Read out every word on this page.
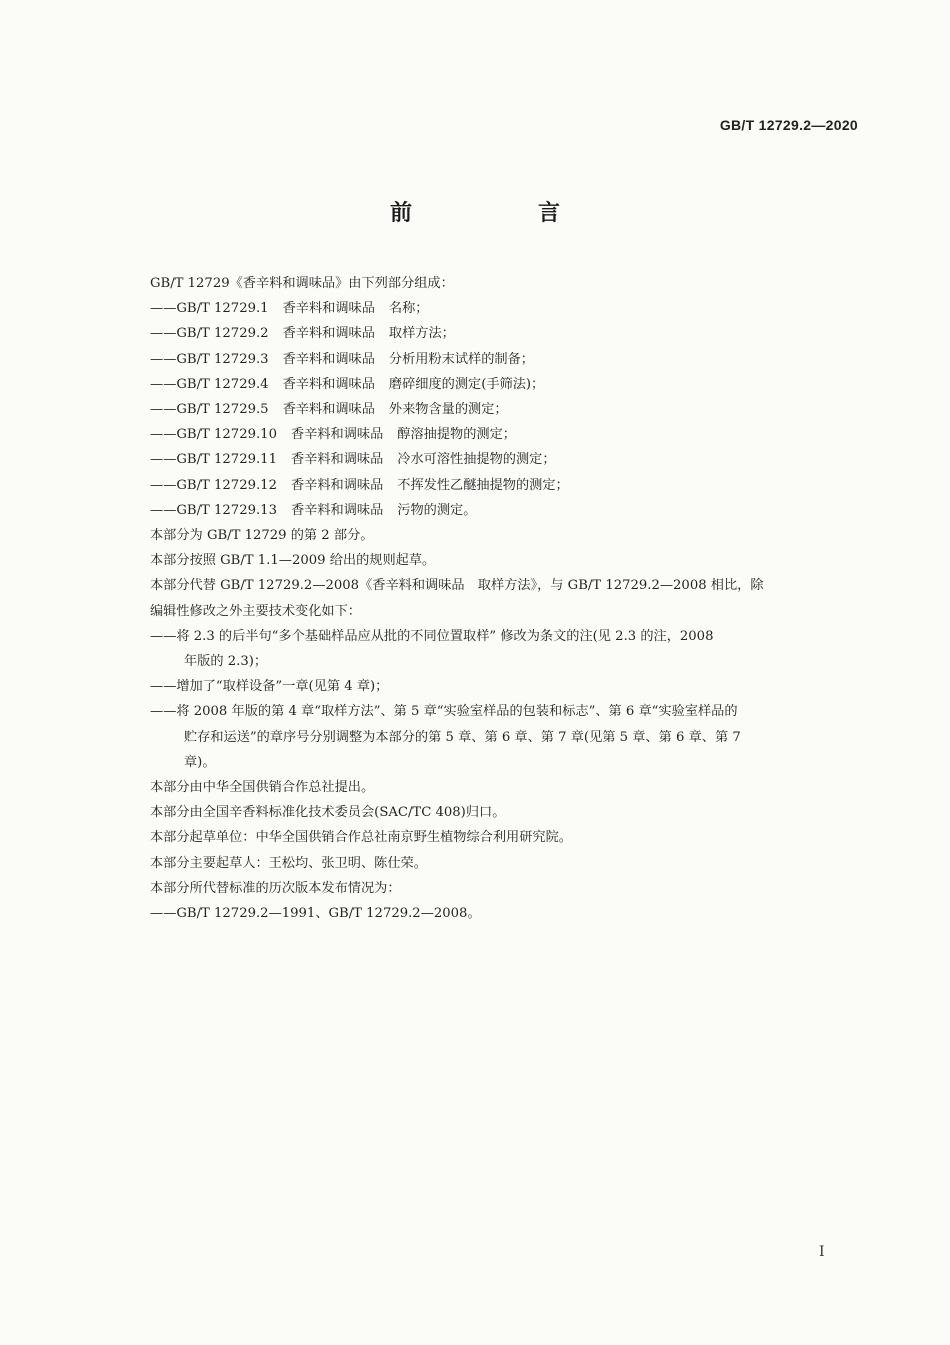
GB/T 12729.2—2020
前　言

GB/T 12729《香辛料和调味品》由下列部分组成：

——GB/T 12729.1 香辛料和调味品 名称；

——GB/T 12729.2 香辛料和调味品 取样方法；

——GB/T 12729.3 香辛料和调味品 分析用粉末试样的制备；

——GB/T 12729.4 香辛料和调味品 磨碎细度的测定(手筛法)；

——GB/T 12729.5 香辛料和调味品 外来物含量的测定；

——GB/T 12729.10 香辛料和调味品 醇溶抽提物的测定；

——GB/T 12729.11 香辛料和调味品 冷水可溶性抽提物的测定；

——GB/T 12729.12 香辛料和调味品 不挥发性乙醚抽提物的测定；

——GB/T 12729.13 香辛料和调味品 污物的测定。

本部分为 GB/T 12729 的第 2 部分。

本部分按照 GB/T 1.1—2009 给出的规则起草。

本部分代替 GB/T 12729.2—2008《香辛料和调味品　取样方法》，与 GB/T 12729.2—2008 相比，除

编辑性修改之外主要技术变化如下：

——将 2.3 的后半句“多个基础样品应从批的不同位置取样” 修改为条文的注(见 2.3 的注，2008

年版的 2.3)；

——增加了“取样设备”一章(见第 4 章)；

——将 2008 年版的第 4 章“取样方法”、第 5 章“实验室样品的包装和标志”、第 6 章“实验室样品的

贮存和运送”的章序号分别调整为本部分的第 5 章、第 6 章、第 7 章(见第 5 章、第 6 章、第 7

章)。

本部分由中华全国供销合作总社提出。

本部分由全国辛香料标准化技术委员会(SAC/TC 408)归口。

本部分起草单位：中华全国供销合作总社南京野生植物综合利用研究院。

本部分主要起草人：王松均、张卫明、陈仕荣。

本部分所代替标准的历次版本发布情况为：

——GB/T 12729.2—1991、GB/T 12729.2—2008。

I
